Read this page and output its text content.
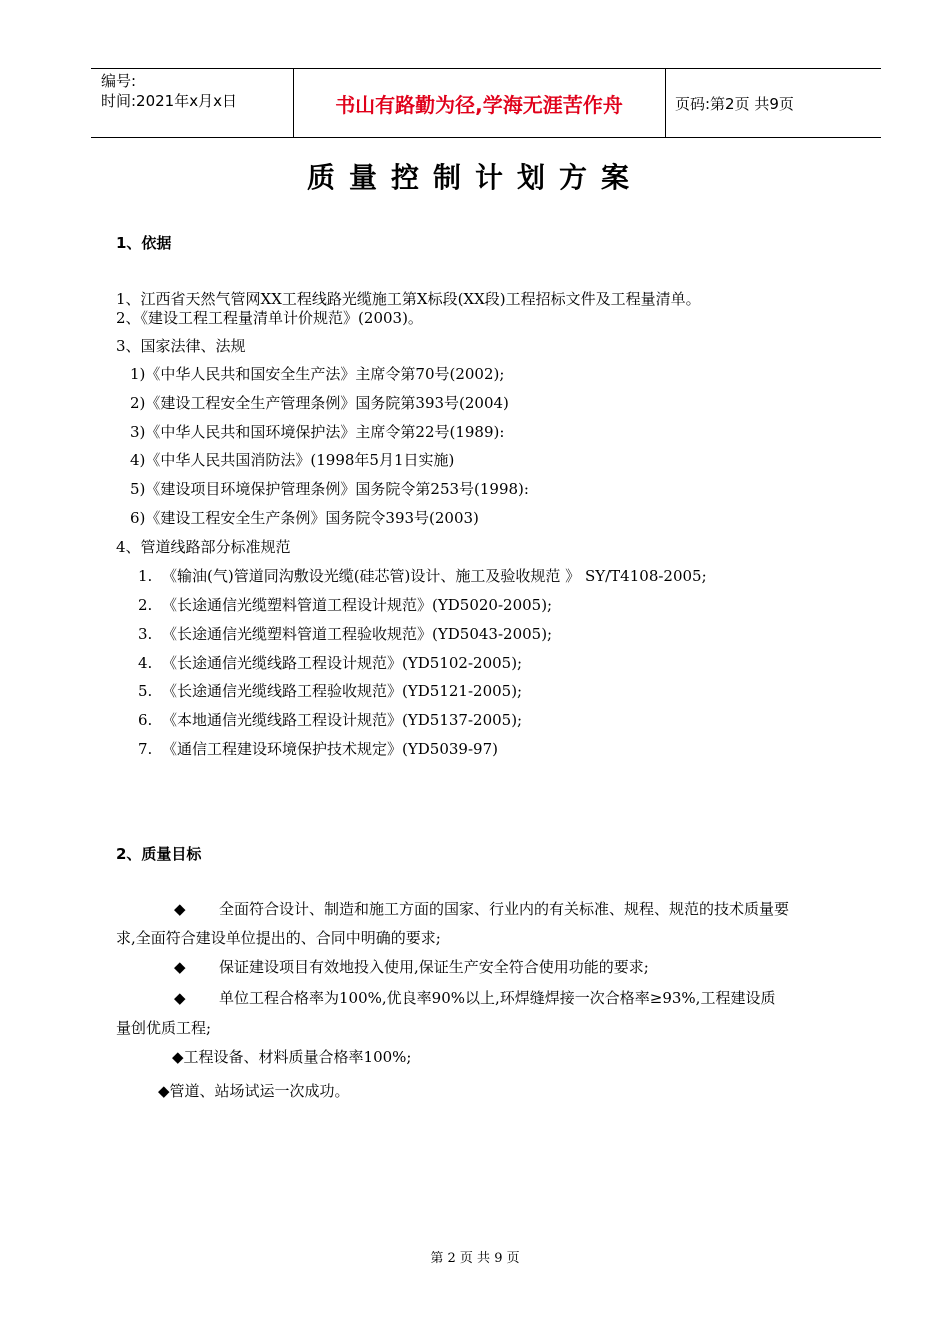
编号:
时间:2021年x月x日	书山有路勤为径,学海无涯苦作舟	页码:第2页 共9页
质量控制计划方案
1、依据
1、江西省天然气管网XX工程线路光缆施工第X标段(XX段)工程招标文件及工程量清单。
2、《建设工程工程量清单计价规范》(2003)。
3、国家法律、法规
1)《中华人民共和国安全生产法》主席令第70号(2002);
2)《建设工程安全生产管理条例》国务院第393号(2004)
3)《中华人民共和国环境保护法》主席令第22号(1989):
4)《中华人民共国消防法》(1998年5月1日实施)
5)《建设项目环境保护管理条例》国务院令第253号(1998):
6)《建设工程安全生产条例》国务院令393号(2003)
4、管道线路部分标准规范
1. 《输油(气)管道同沟敷设光缆(硅芯管)设计、施工及验收规范 》 SY/T4108-2005;
2. 《长途通信光缆塑料管道工程设计规范》(YD5020-2005);
3. 《长途通信光缆塑料管道工程验收规范》(YD5043-2005);
4. 《长途通信光缆线路工程设计规范》(YD5102-2005);
5. 《长途通信光缆线路工程验收规范》(YD5121-2005);
6. 《本地通信光缆线路工程设计规范》(YD5137-2005);
7. 《通信工程建设环境保护技术规定》(YD5039-97)
2、质量目标
◆ 全面符合设计、制造和施工方面的国家、行业内的有关标准、规程、规范的技术质量要
求,全面符合建设单位提出的、合同中明确的要求;
◆ 保证建设项目有效地投入使用,保证生产安全符合使用功能的要求;
◆ 单位工程合格率为100%,优良率90%以上,环焊缝焊接一次合格率≥93%,工程建设质
量创优质工程;
◆工程设备、材料质量合格率100%;
◆管道、站场试运一次成功。
第 2 页 共 9 页
